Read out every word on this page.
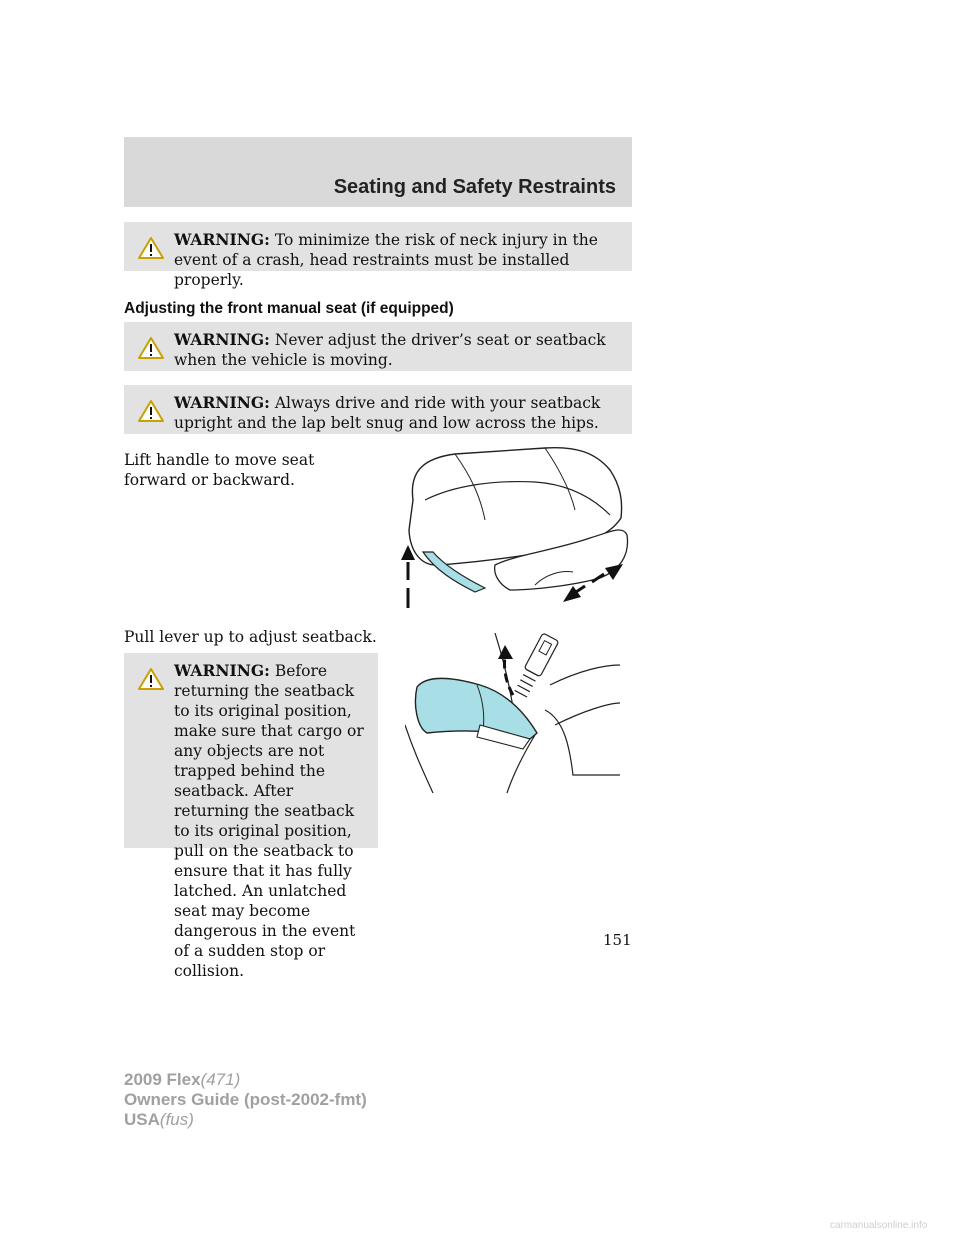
Seating and Safety Restraints
WARNING: To minimize the risk of neck injury in the event of a crash, head restraints must be installed properly.
Adjusting the front manual seat (if equipped)
WARNING: Never adjust the driver’s seat or seatback when the vehicle is moving.
WARNING: Always drive and ride with your seatback upright and the lap belt snug and low across the hips.
Lift handle to move seat forward or backward.
Pull lever up to adjust seatback.
WARNING: Before returning the seatback to its original position, make sure that cargo or any objects are not trapped behind the seatback. After returning the seatback to its original position, pull on the seatback to ensure that it has fully latched. An unlatched seat may become dangerous in the event of a sudden stop or collision.
151
2009 Flex(471)
Owners Guide (post-2002-fmt)
USA(fus)
carmanualsonline.info
